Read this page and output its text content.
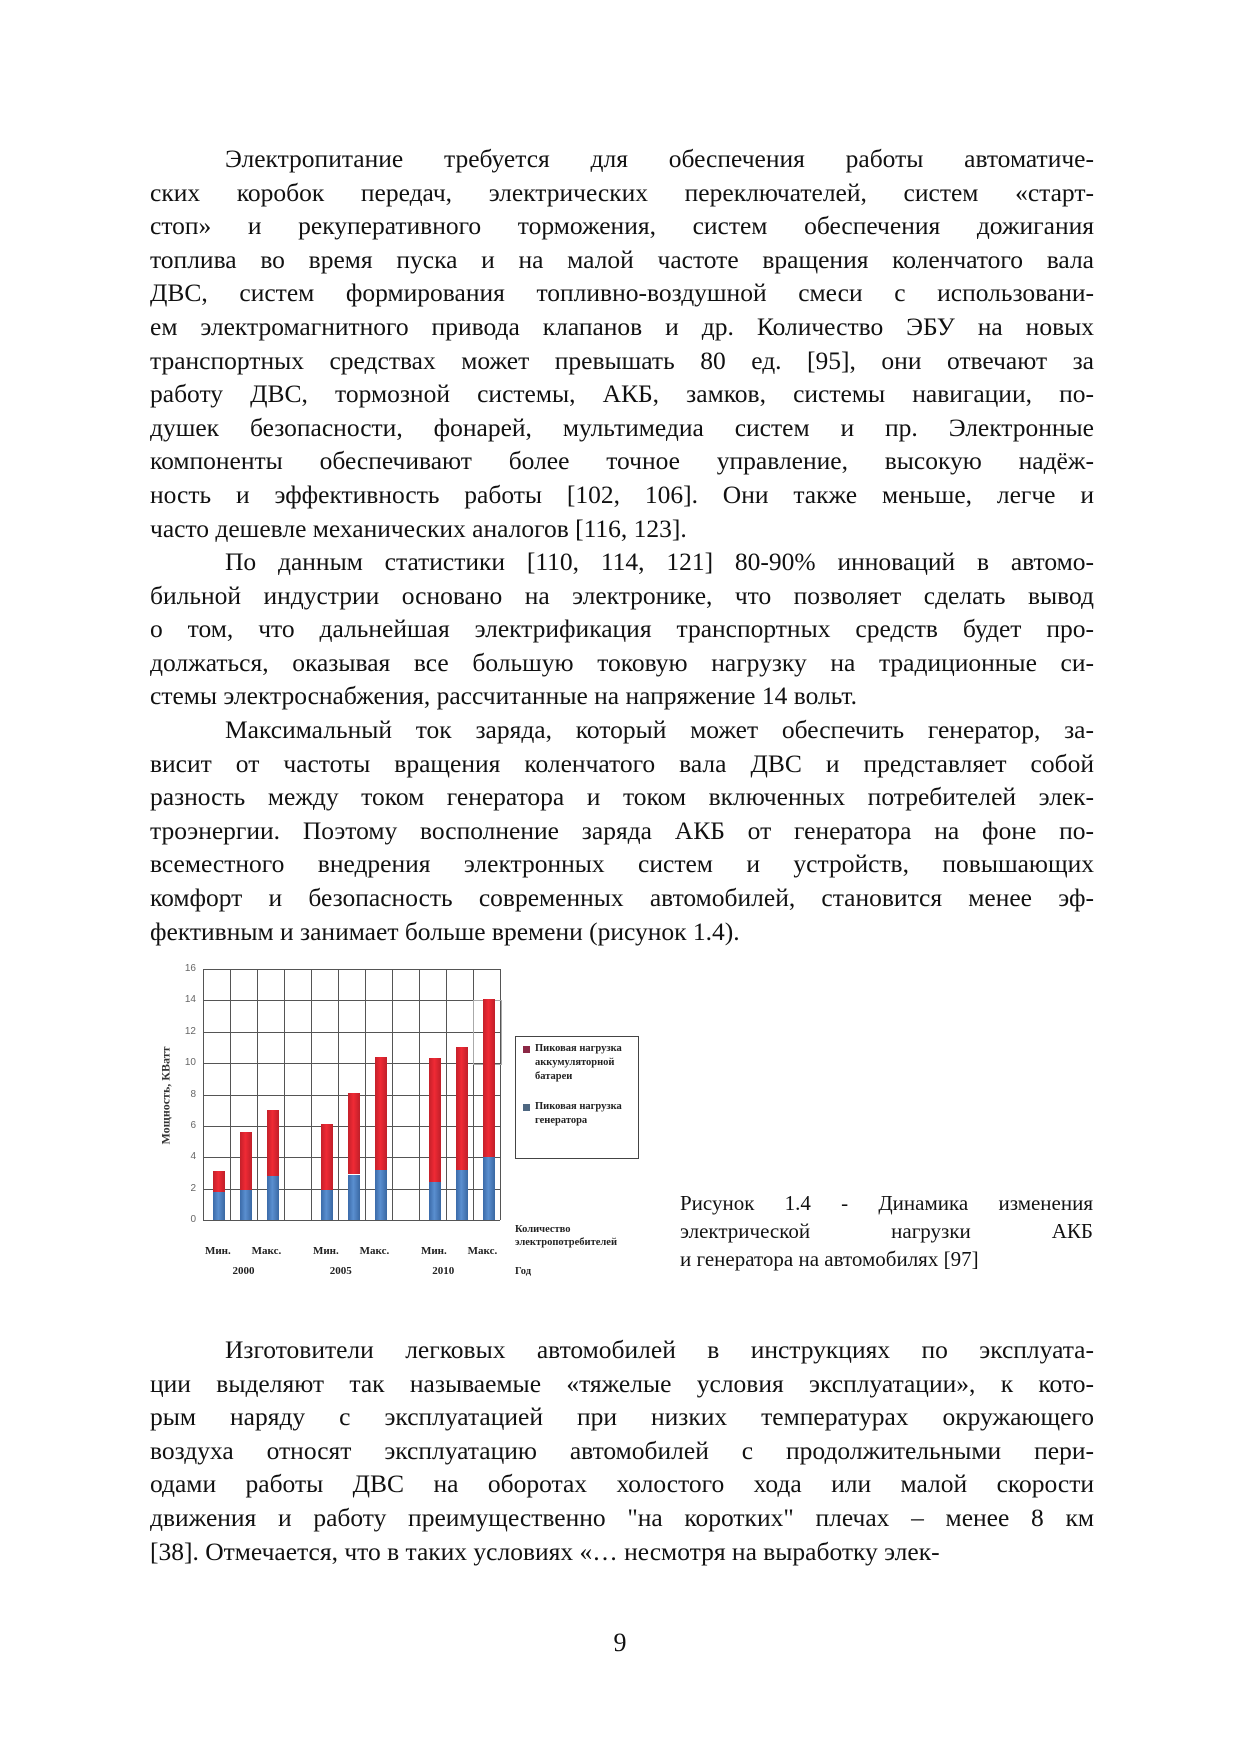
Электропитание требуется для обеспечения работы автоматиче-
ских коробок передач, электрических переключателей, систем «старт-
стоп» и рекуперативного торможения, систем обеспечения дожигания
топлива во время пуска и на малой частоте вращения коленчатого вала
ДВС, систем формирования топливно-воздушной смеси с использовани-
ем электромагнитного привода клапанов и др. Количество ЭБУ на новых
транспортных средствах может превышать 80 ед. [95], они отвечают за
работу ДВС, тормозной системы, АКБ, замков, системы навигации, по-
душек безопасности, фонарей, мультимедиа систем и пр. Электронные
компоненты обеспечивают более точное управление, высокую надёж-
ность и эффективность работы [102, 106]. Они также меньше, легче и
часто дешевле механических аналогов [116, 123].
По данным статистики [110, 114, 121] 80-90% инноваций в автомо-
бильной индустрии основано на электронике, что позволяет сделать вывод
о том, что дальнейшая электрификация транспортных средств будет про-
должаться, оказывая все большую токовую нагрузку на традиционные си-
стемы электроснабжения, рассчитанные на напряжение 14 вольт.
Максимальный ток заряда, который может обеспечить генератор, за-
висит от частоты вращения коленчатого вала ДВС и представляет собой
разность между током генератора и током включенных потребителей элек-
троэнергии. Поэтому восполнение заряда АКБ от генератора на фоне по-
всеместного внедрения электронных систем и устройств, повышающих
комфорт и безопасность современных автомобилей, становится менее эф-
фективным и занимает больше времени (рисунок 1.4).
Мощность, КВатт
0
2
4
6
8
10
12
14
16
Мин. Макс.	Мин. Макс.	Мин. Макс.
2000	2005	2010
Пиковая нагрузка аккумуляторной батареи
Пиковая нагрузка генератора
Количество электропотребителей
Год
Рисунок 1.4 - Динамика изменения
электрической нагрузки АКБ
и генератора на автомобилях [97]
Изготовители легковых автомобилей в инструкциях по эксплуата-
ции выделяют так называемые «тяжелые условия эксплуатации», к кото-
рым наряду с эксплуатацией при низких температурах окружающего
воздуха относят эксплуатацию автомобилей с продолжительными пери-
одами работы ДВС на оборотах холостого хода или малой скорости
движения и работу преимущественно "на коротких" плечах – менее 8 км
[38]. Отмечается, что в таких условиях «… несмотря на выработку элек-
9
